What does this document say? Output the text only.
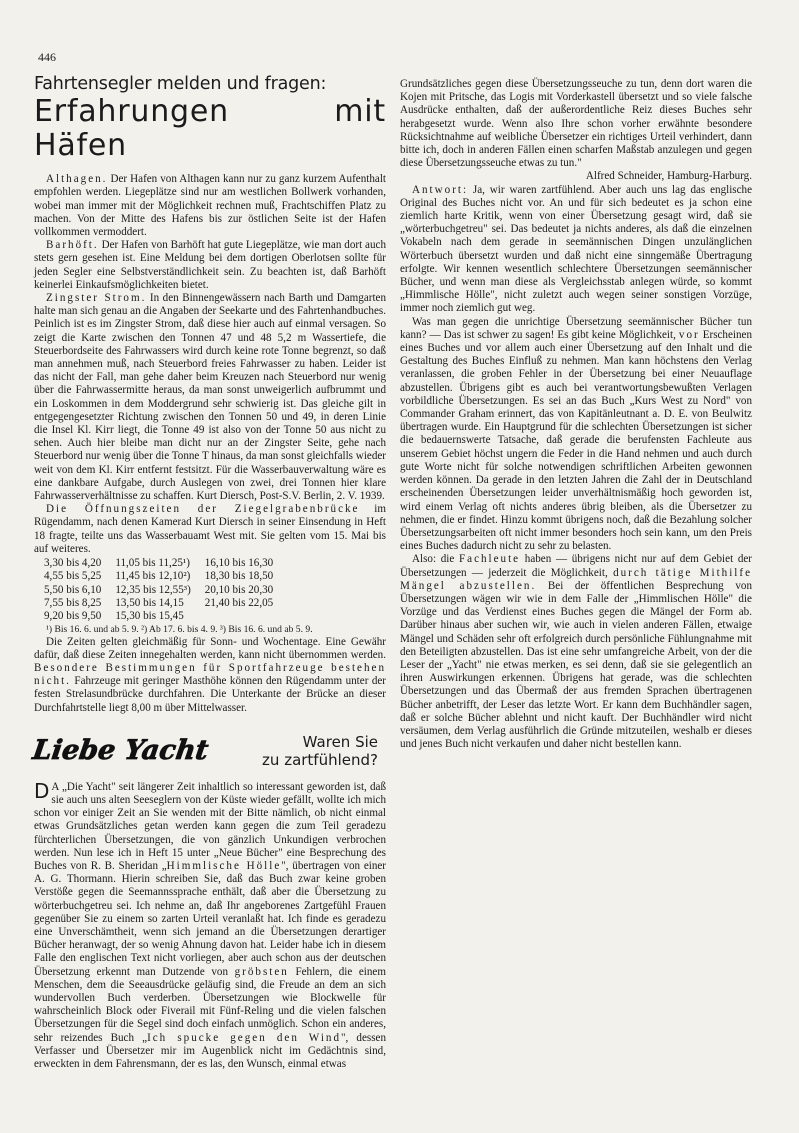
446
Fahrtensegler melden und fragen:
Erfahrungen mit Häfen

Althagen. Der Hafen von Althagen kann nur zu ganz kurzem Aufenthalt empfohlen werden. Liegeplätze sind nur am westlichen Bollwerk vorhanden, wobei man immer mit der Möglichkeit rechnen muß, Frachtschiffen Platz zu machen. Von der Mitte des Hafens bis zur östlichen Seite ist der Hafen vollkommen vermoddert.

Barhöft. Der Hafen von Barhöft hat gute Liegeplätze, wie man dort auch stets gern gesehen ist. Eine Meldung bei dem dortigen Oberlotsen sollte für jeden Segler eine Selbstverständlichkeit sein. Zu beachten ist, daß Barhöft keinerlei Einkaufsmöglichkeiten bietet.

Zingster Strom. In den Binnengewässern nach Barth und Damgarten halte man sich genau an die Angaben der Seekarte und des Fahrtenhandbuches. Peinlich ist es im Zingster Strom, daß diese hier auch auf einmal versagen. So zeigt die Karte zwischen den Tonnen 47 und 48 5,2 m Wassertiefe, die Steuerbordseite des Fahrwassers wird durch keine rote Tonne begrenzt, so daß man annehmen muß, nach Steuerbord freies Fahrwasser zu haben. Leider ist das nicht der Fall, man gehe daher beim Kreuzen nach Steuerbord nur wenig über die Fahrwassermitte heraus, da man sonst unweigerlich aufbrummt und ein Loskommen in dem Moddergrund sehr schwierig ist. Das gleiche gilt in entgegengesetzter Richtung zwischen den Tonnen 50 und 49, in deren Linie die Insel Kl. Kirr liegt, die Tonne 49 ist also von der Tonne 50 aus nicht zu sehen. Auch hier bleibe man dicht nur an der Zingster Seite, gehe nach Steuerbord nur wenig über die Tonne T hinaus, da man sonst gleichfalls wieder weit von dem Kl. Kirr entfernt festsitzt. Für die Wasserbauverwaltung wäre es eine dankbare Aufgabe, durch Auslegen von zwei, drei Tonnen hier klare Fahrwasserverhältnisse zu schaffen. Kurt Diersch, Post-S.V. Berlin, 2. V. 1939.

Die Öffnungszeiten der Ziegelgrabenbrücke im Rügendamm, nach denen Kamerad Kurt Diersch in seiner Einsendung in Heft 18 fragte, teilte uns das Wasserbauamt West mit. Sie gelten vom 15. Mai bis auf weiteres.

3,30 bis 4,20	11,05 bis 11,25¹)	16,10 bis 16,30
4,55 bis 5,25	11,45 bis 12,10²)	18,30 bis 18,50
5,50 bis 6,10	12,35 bis 12,55³)	20,10 bis 20,30
7,55 bis 8,25	13,50 bis 14,15	21,40 bis 22,05
9,20 bis 9,50	15,30 bis 15,45	

¹) Bis 16. 6. und ab 5. 9. ²) Ab 17. 6. bis 4. 9. ³) Bis 16. 6. und ab 5. 9.

Die Zeiten gelten gleichmäßig für Sonn- und Wochentage. Eine Gewähr dafür, daß diese Zeiten innegehalten werden, kann nicht übernommen werden. Besondere Bestimmungen für Sportfahrzeuge bestehen nicht. Fahrzeuge mit geringer Masthöhe können den Rügendamm unter der festen Strelasundbrücke durchfahren. Die Unterkante der Brücke an dieser Durchfahrtstelle liegt 8,00 m über Mittelwasser.

Liebe Yacht	Waren Sie
zu zartfühlend?

D A „Die Yacht" seit längerer Zeit inhaltlich so interessant geworden ist, daß sie auch uns alten Seeseglern von der Küste wieder gefällt, wollte ich mich schon vor einiger Zeit an Sie wenden mit der Bitte nämlich, ob nicht einmal etwas Grundsätzliches getan werden kann gegen die zum Teil geradezu fürchterlichen Übersetzungen, die von gänzlich Unkundigen verbrochen werden. Nun lese ich in Heft 15 unter „Neue Bücher" eine Besprechung des Buches von R. B. Sheridan „Himmlische Hölle", übertragen von einer A. G. Thormann. Hierin schreiben Sie, daß das Buch zwar keine groben Verstöße gegen die Seemannssprache enthält, daß aber die Übersetzung zu wörterbuchgetreu sei. Ich nehme an, daß Ihr angeborenes Zartgefühl Frauen gegenüber Sie zu einem so zarten Urteil veranlaßt hat. Ich finde es geradezu eine Unverschämtheit, wenn sich jemand an die Übersetzungen derartiger Bücher heranwagt, der so wenig Ahnung davon hat. Leider habe ich in diesem Falle den englischen Text nicht vorliegen, aber auch schon aus der deutschen Übersetzung erkennt man Dutzende von gröbsten Fehlern, die einem Menschen, dem die Seeausdrücke geläufig sind, die Freude an dem an sich wundervollen Buch verderben. Übersetzungen wie Blockwelle für wahrscheinlich Block oder Fiverail mit Fünf-Reling und die vielen falschen Übersetzungen für die Segel sind doch einfach unmöglich. Schon ein anderes, sehr reizendes Buch „Ich spucke gegen den Wind", dessen Verfasser und Übersetzer mir im Augenblick nicht im Gedächtnis sind, erweckten in dem Fahrensmann, der es las, den Wunsch, einmal etwas

Grundsätzliches gegen diese Übersetzungsseuche zu tun, denn dort waren die Kojen mit Pritsche, das Logis mit Vorderkastell übersetzt und so viele falsche Ausdrücke enthalten, daß der außerordentliche Reiz dieses Buches sehr herabgesetzt wurde. Wenn also Ihre schon vorher erwähnte besondere Rücksichtnahme auf weibliche Übersetzer ein richtiges Urteil verhindert, dann bitte ich, doch in anderen Fällen einen scharfen Maßstab anzulegen und gegen diese Übersetzungsseuche etwas zu tun."

Alfred Schneider, Hamburg-Harburg.

Antwort: Ja, wir waren zartfühlend. Aber auch uns lag das englische Original des Buches nicht vor. An und für sich bedeutet es ja schon eine ziemlich harte Kritik, wenn von einer Übersetzung gesagt wird, daß sie „wörterbuchgetreu" sei. Das bedeutet ja nichts anderes, als daß die einzelnen Vokabeln nach dem gerade in seemännischen Dingen unzulänglichen Wörterbuch übersetzt wurden und daß nicht eine sinngemäße Übertragung erfolgte. Wir kennen wesentlich schlechtere Übersetzungen seemännischer Bücher, und wenn man diese als Vergleichsstab anlegen würde, so kommt „Himmlische Hölle", nicht zuletzt auch wegen seiner sonstigen Vorzüge, immer noch ziemlich gut weg.

Was man gegen die unrichtige Übersetzung seemännischer Bücher tun kann? — Das ist schwer zu sagen! Es gibt keine Möglichkeit, vor Erscheinen eines Buches und vor allem auch einer Übersetzung auf den Inhalt und die Gestaltung des Buches Einfluß zu nehmen. Man kann höchstens den Verlag veranlassen, die groben Fehler in der Übersetzung bei einer Neuauflage abzustellen. Übrigens gibt es auch bei verantwortungsbewußten Verlagen vorbildliche Übersetzungen. Es sei an das Buch „Kurs West zu Nord" von Commander Graham erinnert, das von Kapitänleutnant a. D. E. von Beulwitz übertragen wurde. Ein Hauptgrund für die schlechten Übersetzungen ist sicher die bedauernswerte Tatsache, daß gerade die berufensten Fachleute aus unserem Gebiet höchst ungern die Feder in die Hand nehmen und auch durch gute Worte nicht für solche notwendigen schriftlichen Arbeiten gewonnen werden können. Da gerade in den letzten Jahren die Zahl der in Deutschland erscheinenden Übersetzungen leider unverhältnismäßig hoch geworden ist, wird einem Verlag oft nichts anderes übrig bleiben, als die Übersetzer zu nehmen, die er findet. Hinzu kommt übrigens noch, daß die Bezahlung solcher Übersetzungsarbeiten oft nicht immer besonders hoch sein kann, um den Preis eines Buches dadurch nicht zu sehr zu belasten.

Also: die Fachleute haben — übrigens nicht nur auf dem Gebiet der Übersetzungen — jederzeit die Möglichkeit, durch tätige Mithilfe Mängel abzustellen. Bei der öffentlichen Besprechung von Übersetzungen wägen wir wie in dem Falle der „Himmlischen Hölle" die Vorzüge und das Verdienst eines Buches gegen die Mängel der Form ab. Darüber hinaus aber suchen wir, wie auch in vielen anderen Fällen, etwaige Mängel und Schäden sehr oft erfolgreich durch persönliche Fühlungnahme mit den Beteiligten abzustellen. Das ist eine sehr umfangreiche Arbeit, von der die Leser der „Yacht" nie etwas merken, es sei denn, daß sie sie gelegentlich an ihren Auswirkungen erkennen. Übrigens hat gerade, was die schlechten Übersetzungen und das Übermaß der aus fremden Sprachen übertragenen Bücher anbetrifft, der Leser das letzte Wort. Er kann dem Buchhändler sagen, daß er solche Bücher ablehnt und nicht kauft. Der Buchhändler wird nicht versäumen, dem Verlag ausführlich die Gründe mitzuteilen, weshalb er dieses und jenes Buch nicht verkaufen und daher nicht bestellen kann.
